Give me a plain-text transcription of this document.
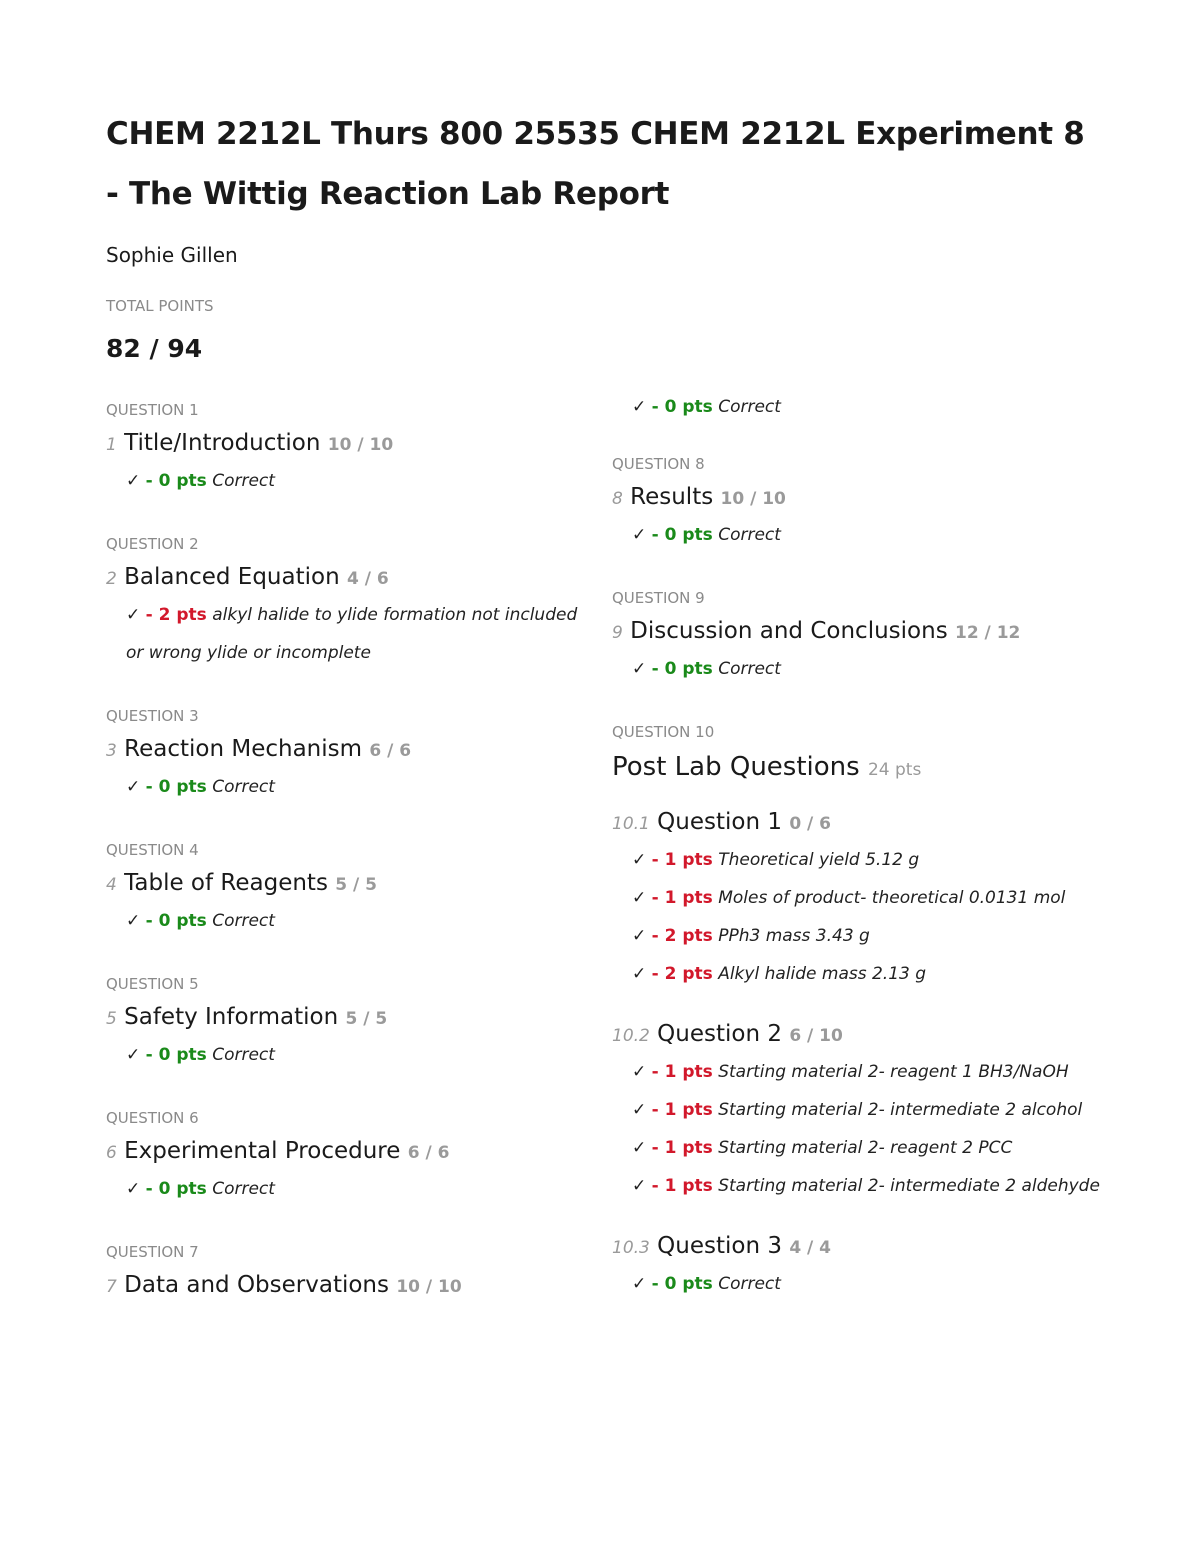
CHEM 2212L Thurs 800 25535 CHEM 2212L Experiment 8 - The Wittig Reaction Lab Report
Sophie Gillen
TOTAL POINTS
82 / 94

QUESTION 1

1 Title/Introduction 10 / 10

✓ - 0 pts Correct

QUESTION 2

2 Balanced Equation 4 / 6

✓ - 2 pts alkyl halide to ylide formation not included or wrong ylide or incomplete

QUESTION 3

3 Reaction Mechanism 6 / 6

✓ - 0 pts Correct

QUESTION 4

4 Table of Reagents 5 / 5

✓ - 0 pts Correct

QUESTION 5

5 Safety Information 5 / 5

✓ - 0 pts Correct

QUESTION 6

6 Experimental Procedure 6 / 6

✓ - 0 pts Correct

QUESTION 7

7 Data and Observations 10 / 10

✓ - 0 pts Correct

QUESTION 8

8 Results 10 / 10

✓ - 0 pts Correct

QUESTION 9

9 Discussion and Conclusions 12 / 12

✓ - 0 pts Correct

QUESTION 10

Post Lab Questions 24 pts

10.1 Question 1 0 / 6

✓ - 1 pts Theoretical yield 5.12 g
✓ - 1 pts Moles of product- theoretical 0.0131 mol
✓ - 2 pts PPh3 mass 3.43 g
✓ - 2 pts Alkyl halide mass 2.13 g

10.2 Question 2 6 / 10

✓ - 1 pts Starting material 2- reagent 1 BH3/NaOH
✓ - 1 pts Starting material 2- intermediate 2 alcohol
✓ - 1 pts Starting material 2- reagent 2 PCC
✓ - 1 pts Starting material 2- intermediate 2 aldehyde

10.3 Question 3 4 / 4

✓ - 0 pts Correct
